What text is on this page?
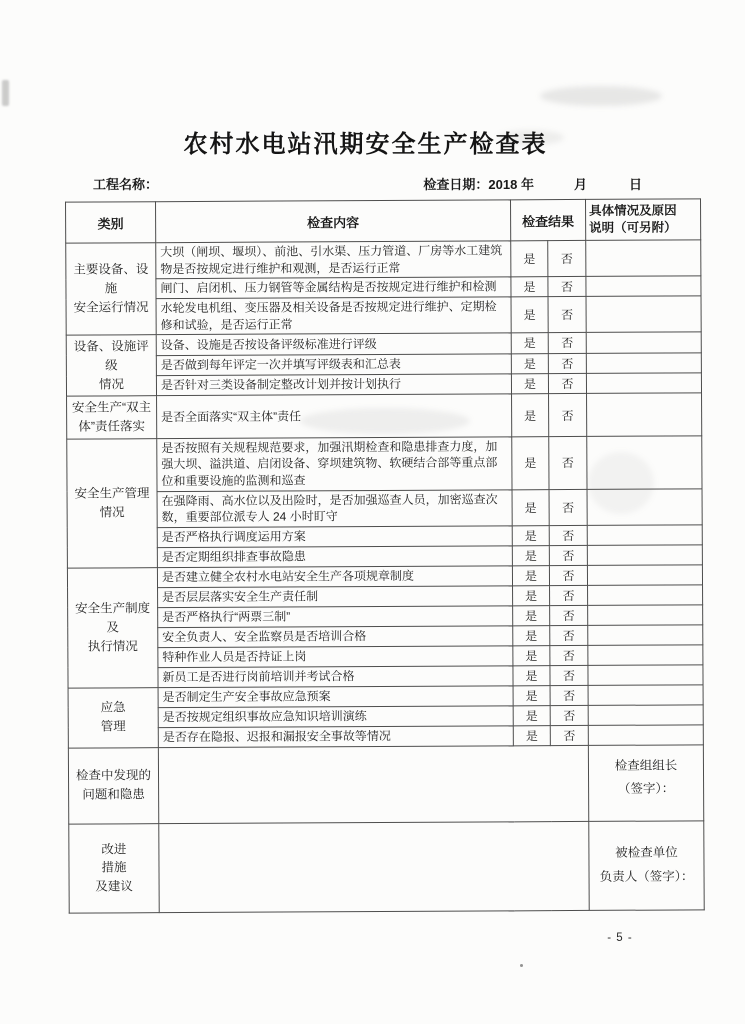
农村水电站汛期安全生产检查表
工程名称：	检查日期：2018 年	月	日
类别	检查内容	检查结果		具体情况及原因
说明（可另附）
主要设备、设施
安全运行情况	大坝（闸坝、堰坝）、前池、引水渠、压力管道、厂房等水工建筑物是否按规定进行维护和观测，是否运行正常	是	否	
	闸门、启闭机、压力钢管等金属结构是否按规定进行维护和检测	是	否	
	水轮发电机组、变压器及相关设备是否按规定进行维护、定期检修和试验，是否运行正常	是	否	
设备、设施评级
情况	设备、设施是否按设备评级标准进行评级	是	否	
	是否做到每年评定一次并填写评级表和汇总表	是	否	
	是否针对三类设备制定整改计划并按计划执行	是	否	
安全生产“双主
体”责任落实	是否全面落实“双主体”责任	是	否	
安全生产管理
情况	是否按照有关规程规范要求，加强汛期检查和隐患排查力度，加强大坝、溢洪道、启闭设备、穿坝建筑物、软硬结合部等重点部位和重要设施的监测和巡查	是	否	
	在强降雨、高水位以及出险时，是否加强巡查人员，加密巡查次数，重要部位派专人 24 小时盯守	是	否	
	是否严格执行调度运用方案	是	否	
	是否定期组织排查事故隐患	是	否	
安全生产制度
及
执行情况	是否建立健全农村水电站安全生产各项规章制度	是	否	
	是否层层落实安全生产责任制	是	否	
	是否严格执行“两票三制”	是	否	
	安全负责人、安全监察员是否培训合格	是	否	
	特种作业人员是否持证上岗	是	否	
	新员工是否进行岗前培训并考试合格	是	否	
应急
管理	是否制定生产安全事故应急预案	是	否	
	是否按规定组织事故应急知识培训演练	是	否	
	是否存在隐报、迟报和漏报安全事故等情况	是	否	
检查中发现的
问题和隐患				检查组组长
（签字）：
改进
措施
及建议				被检查单位
负责人（签字）：
- 5 -
